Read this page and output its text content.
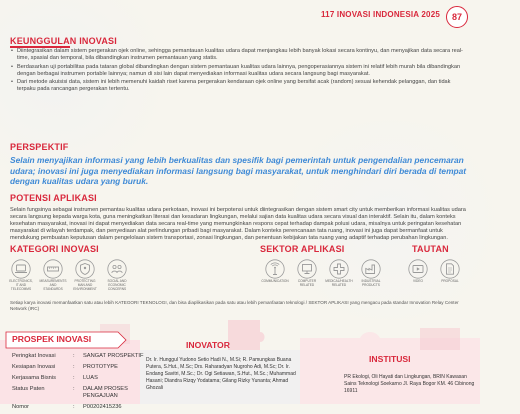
117 INOVASI INDONESIA 2025	87
KEUNGGULAN INOVASI
• Diintegrasikan dalam sistem pergerakan ojek online, sehingga pemantauan kualitas udara dapat menjangkau lebih banyak lokasi secara kontinyu, dan menyajikan data secara real-time, spasial dan temporal, bila dibandingkan instrumen pemantauan yang statis.
• Berdasarkan uji portabilitas pada tataran global dibandingkan dengan sistem pemantauan kualitas udara lainnya, pengoperasiannya sistem ini relatif lebih murah bila dibandingkan dengan berbagai instrumen portable lainnya; namun di sisi lain dapat menyediakan informasi kualitas udara secara langsung bagi masyarakat.
• Dari metode akuisisi data, sistem ini lebih memenuhi kaidah riset karena pergerakan kendaraan ojek online yang bersifat acak (random) sesuai kehendak pelanggan, dan tidak terpaku pada rancangan pergerakan tertentu.
PERSPEKTIF
Selain menyajikan informasi yang lebih berkualitas dan spesifik bagi pemerintah untuk pengendalian pencemaran udara; inovasi ini juga menyediakan informasi langsung bagi masyarakat, untuk menghindari diri berada di tempat dengan kualitas udara yang buruk.
POTENSI APLIKASI
Selain fungsinya sebagai instrumen pemantau kualitas udara perkotaan, inovasi ini berpotensi untuk diintegrasikan dengan sistem smart city untuk memberikan informasi kualitas udara secara langsung kepada warga kota, guna meningkatkan literasi dan kesadaran lingkungan, melalui sajian data kualitas udara secara visual dan interaktif. Selain itu, dalam konteks kesehatan masyarakat, inovasi ini dapat menyediakan data secara real-time yang memungkinkan respons cepat terhadap dampak polusi udara, misalnya untuk peringatan kesehatan masyarakat di wilayah terdampak, dan penyediaan alat perlindungan pribadi bagi masyarakat. Dalam konteks perencanaan tata ruang, inovasi ini juga dapat bermanfaat untuk mendukung pembuatan keputusan dalam pengelolaan sistem transportasi, zonasi lingkungan, dan penentuan kebijakan tata ruang yang adaptif terhadap perubahan lingkungan.
KATEGORI INOVASI
ELECTRONICS, IT AND TELECOMMS
MEASUREMENTS AND STANDARDS
PROTECTING MAN AND ENVIRONMENT
SOCIAL AND ECONOMIC CONCERNS
SEKTOR APLIKASI
COMMUNICATION	COMPUTER RELATED
MEDICAL/HEALTH RELATED
INDUSTRIAL PRODUCTS
TAUTAN
VIDEO	PROPOSAL
Setiap karya inovasi memanfaatkan satu atau lebih KATEGORI TEKNOLOGI, dan bisa diaplikasikan pada satu atau lebih pemanfaatan teknologi / SEKTOR APLIKASI yang mengacu pada standar Innovation Relay Center Network (IRC)
PROSPEK INOVASI
Peringkat Inovasi	:	SANGAT PROSPEKTIF
Kesiapan Inovasi	:	PROTOTYPE
Kerjasama Bisnis	:	LUAS
Status Paten	:	DALAM PROSES PENGAJUAN
Nomor	:	P00202415236
INOVATOR
Dr. Ir. Hunggul Yudono Setio Hadi N., M.Si; R. Pamungkas Buana Putera, S.Hut., M.Sc; Drs. Raharadyan Nugroho Adi, M.Sc; Dr. Ir. Endang Savitri, M.Sc.; Dr. Ogi Setiawan, S.Hut., M.Sc.; Muhammad Hasani; Diandra Rizqy Yodatama; Gilang Rizky Yunanta; Ahmad Ghozali
INSTITUSI
PR Ekologi, Oli Hayati dan Lingkungan, BRIN Kawasan Sains Teknologi Soekarno Jl. Raya Bogor KM. 46 Cibinong 16911
